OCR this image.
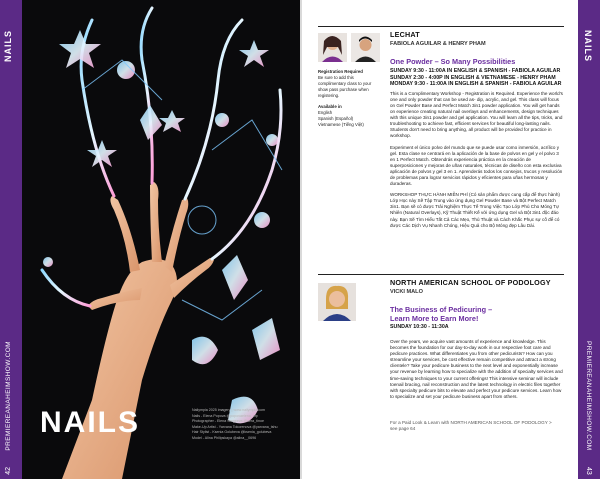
NAILS
PREMIEREANAHEIMSHOW.COM
42
NAILS	Nailympia 2025 imagery | www.nailympia.com
Nails - Elena Popova @popovaelena_nfp
Photographer - Elena Sergeeva @sera_tinoe
Make-Up Artist - Yarvana Tokorenova @yarvana_tshu
Hair Stylist - Ksenia Golubeva @ksenia_golubeva
Model - Alina Philipskaya @alina__0696
LECHAT
FABIOLA AGUILAR & HENRY PHAM
Registration Required
Be sure to add this complimentary class to your show pass purchase when registering.
Available in
English
Spanish (Español)
Vietnamese (Tiếng Việt)
One Powder – So Many Possibilities
SUNDAY 9:30 - 11:00A IN ENGLISH & SPANISH - FABIOLA AGUILAR
SUNDAY 2:30 - 4:00P IN ENGLISH & VIETNAMESE - HENRY PHAM
MONDAY 9:30 - 11:00A IN ENGLISH & SPANISH - FABIOLA AGUILAR
This is a Complimentary Workshop - Registration is Required. Experience the world's one and only powder that can be used as- dip, acrylic, and gel. This class will focus on Gel Powder Base and Perfect Match 3in1 powder application. You will get hands on experience creating natural nail overlays and enhancements, design techniques with this unique 3in1 powder and gel application. You will learn all the tips, tricks, and troubleshooting to achieve fast, efficient services for beautiful long-lasting nails. Students don't need to bring anything, all product will be provided for practice in workshop.
Experiment el único polvo del mundo que se puede usar como inmersión, acrílico y gel. Esta clase se centrará en la aplicación de la base de polvos en gel y el polvo 3 en 1 Perfect Match. Obtendrás experiencia práctica en la creación de superposiciones y mejoras de uñas naturales, técnicas de diseño con esta exclusiva aplicación de polvos y gel 3 en 1. Aprenderás todos los consejos, trucos y resolución de problemas para lograr servicios rápidos y eficientes para uñas hermosas y duraderas.
WORKSHOP THỰC HÀNH MIỄN PHÍ (Có sản phẩm được cung cấp để thực hành) Lớp Học này Sẽ Tập Trung vào ứng dụng Gel Powder Base và Bột Perfect Match 3in1. Bạn sẽ có được Trải Nghiệm Thực Tế Trong Việc Tạo Lớp Phủ Cho Móng Tự Nhiên (Natural Overlays), Kỹ Thuật Thiết Kế với ứng dụng Gel và Bột 3in1 độc đáo này. Bạn Sẽ Tìm Hiểu Tất Cả Các Mẹo, Thủ Thuật và Cách Khắc Phục sự cố để có được Các Dịch Vụ Nhanh Chóng, Hiệu Quả cho Bộ Móng đẹp Lâu Dài.
NORTH AMERICAN SCHOOL OF PODOLOGY
VICKI MALO
The Business of Pedicuring –
Learn More to Earn More!
SUNDAY 10:30 - 11:30A
Over the years, we acquire vast amounts of experience and knowledge. This becomes the foundation for our day-to-day work in our respective foot care and pedicure practices. What differentiates you from other pedicurists? How can you streamline your services, be cost effective remain competitive and attract a strong clientele? Take your pedicure business to the next level and exponentially increase your revenue by learning how to specialize with the addition of specialty services and time-saving techniques to your current offerings! This intensive seminar will include toenail bracing, nail reconstruction and the latest technology in electric files together with specialty pedicure bits to elevate and perfect your pedicure services. Learn how to specialize and set your pedicure business apart from others.
For a Paid Look & Learn with NORTH AMERICAN SCHOOL OF PODOLOGY >
see page 64
NAILS
PREMIEREANAHEIMSHOW.COM
43
